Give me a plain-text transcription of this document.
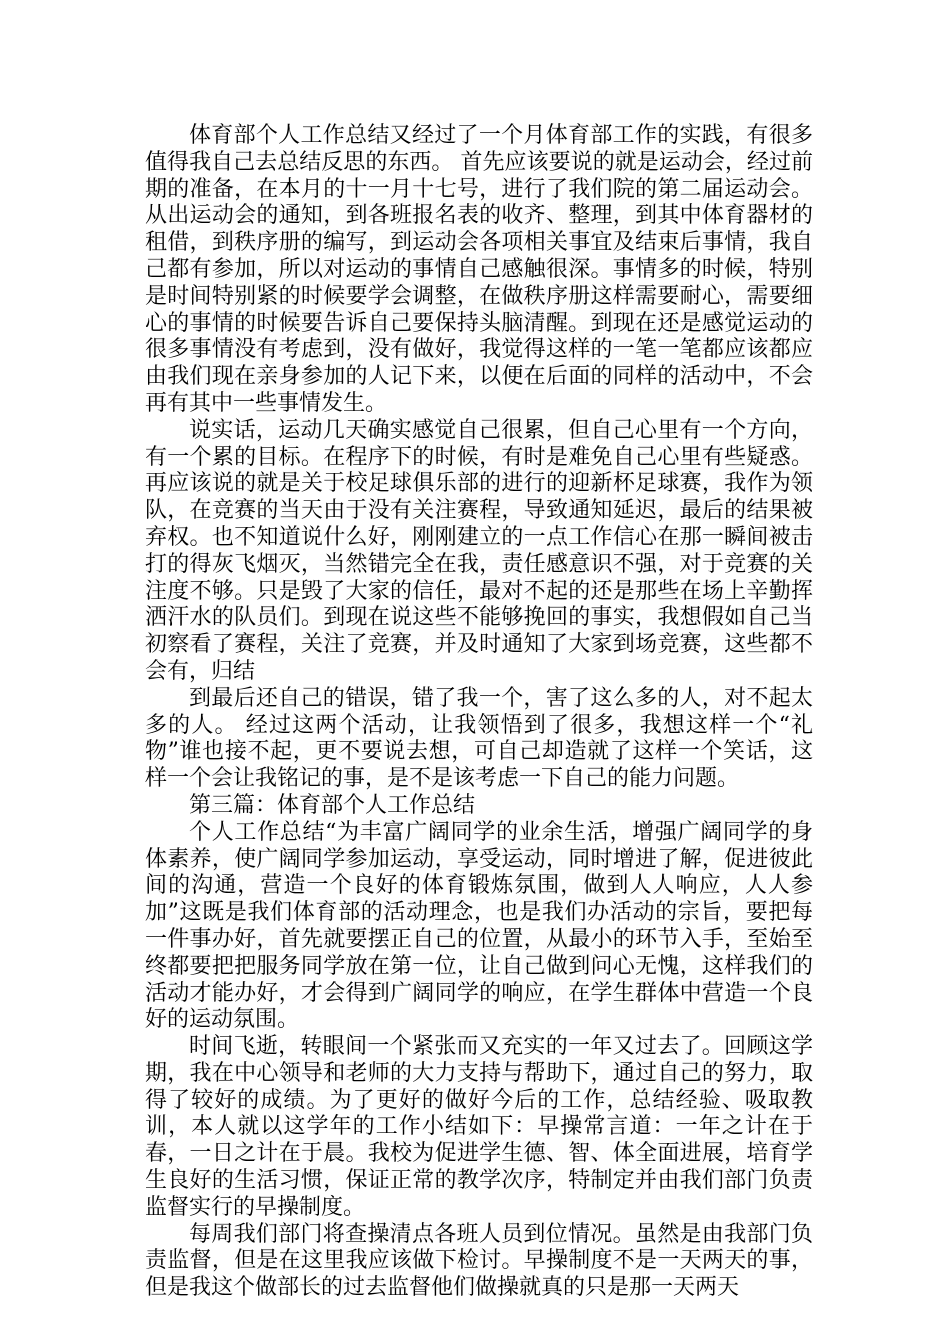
体育部个人工作总结又经过了一个月体育部工作的实践，有很多值得我自己去总结反思的东西。 首先应该要说的就是运动会，经过前期的准备，在本月的十一月十七号，进行了我们院的第二届运动会。从出运动会的通知，到各班报名表的收齐、整理，到其中体育器材的租借，到秩序册的编写，到运动会各项相关事宜及结束后事情，我自己都有参加，所以对运动的事情自己感触很深。事情多的时候，特别是时间特别紧的时候要学会调整，在做秩序册这样需要耐心，需要细心的事情的时候要告诉自己要保持头脑清醒。到现在还是感觉运动的很多事情没有考虑到，没有做好，我觉得这样的一笔一笔都应该都应由我们现在亲身参加的人记下来，以便在后面的同样的活动中，不会再有其中一些事情发生。

说实话，运动几天确实感觉自己很累，但自己心里有一个方向，有一个累的目标。在程序下的时候，有时是难免自己心里有些疑惑。 再应该说的就是关于校足球俱乐部的进行的迎新杯足球赛，我作为领队，在竞赛的当天由于没有关注赛程，导致通知延迟，最后的结果被弃权。也不知道说什么好，刚刚建立的一点工作信心在那一瞬间被击打的得灰飞烟灭，当然错完全在我，责任感意识不强，对于竞赛的关注度不够。只是毁了大家的信任，最对不起的还是那些在场上辛勤挥洒汗水的队员们。到现在说这些不能够挽回的事实，我想假如自己当初察看了赛程，关注了竞赛，并及时通知了大家到场竞赛，这些都不会有，归结

到最后还自己的错误，错了我一个，害了这么多的人，对不起太多的人。 经过这两个活动，让我领悟到了很多，我想这样一个“礼物”谁也接不起，更不要说去想，可自己却造就了这样一个笑话，这样一个会让我铭记的事，是不是该考虑一下自己的能力问题。

第三篇：体育部个人工作总结

个人工作总结“为丰富广阔同学的业余生活，增强广阔同学的身体素养，使广阔同学参加运动，享受运动，同时增进了解，促进彼此间的沟通，营造一个良好的体育锻炼氛围，做到人人响应，人人参加”这既是我们体育部的活动理念，也是我们办活动的宗旨，要把每一件事办好，首先就要摆正自己的位置，从最小的环节入手，至始至终都要把把服务同学放在第一位，让自己做到问心无愧，这样我们的活动才能办好，才会得到广阔同学的响应，在学生群体中营造一个良好的运动氛围。

时间飞逝，转眼间一个紧张而又充实的一年又过去了。回顾这学期，我在中心领导和老师的大力支持与帮助下，通过自己的努力，取得了较好的成绩。为了更好的做好今后的工作，总结经验、吸取教训，本人就以这学年的工作小结如下：早操常言道：一年之计在于春，一日之计在于晨。我校为促进学生德、智、体全面进展，培育学生良好的生活习惯，保证正常的教学次序，特制定并由我们部门负责监督实行的早操制度。

每周我们部门将查操清点各班人员到位情况。虽然是由我部门负责监督，但是在这里我应该做下检讨。早操制度不是一天两天的事，但是我这个做部长的过去监督他们做操就真的只是那一天两天
